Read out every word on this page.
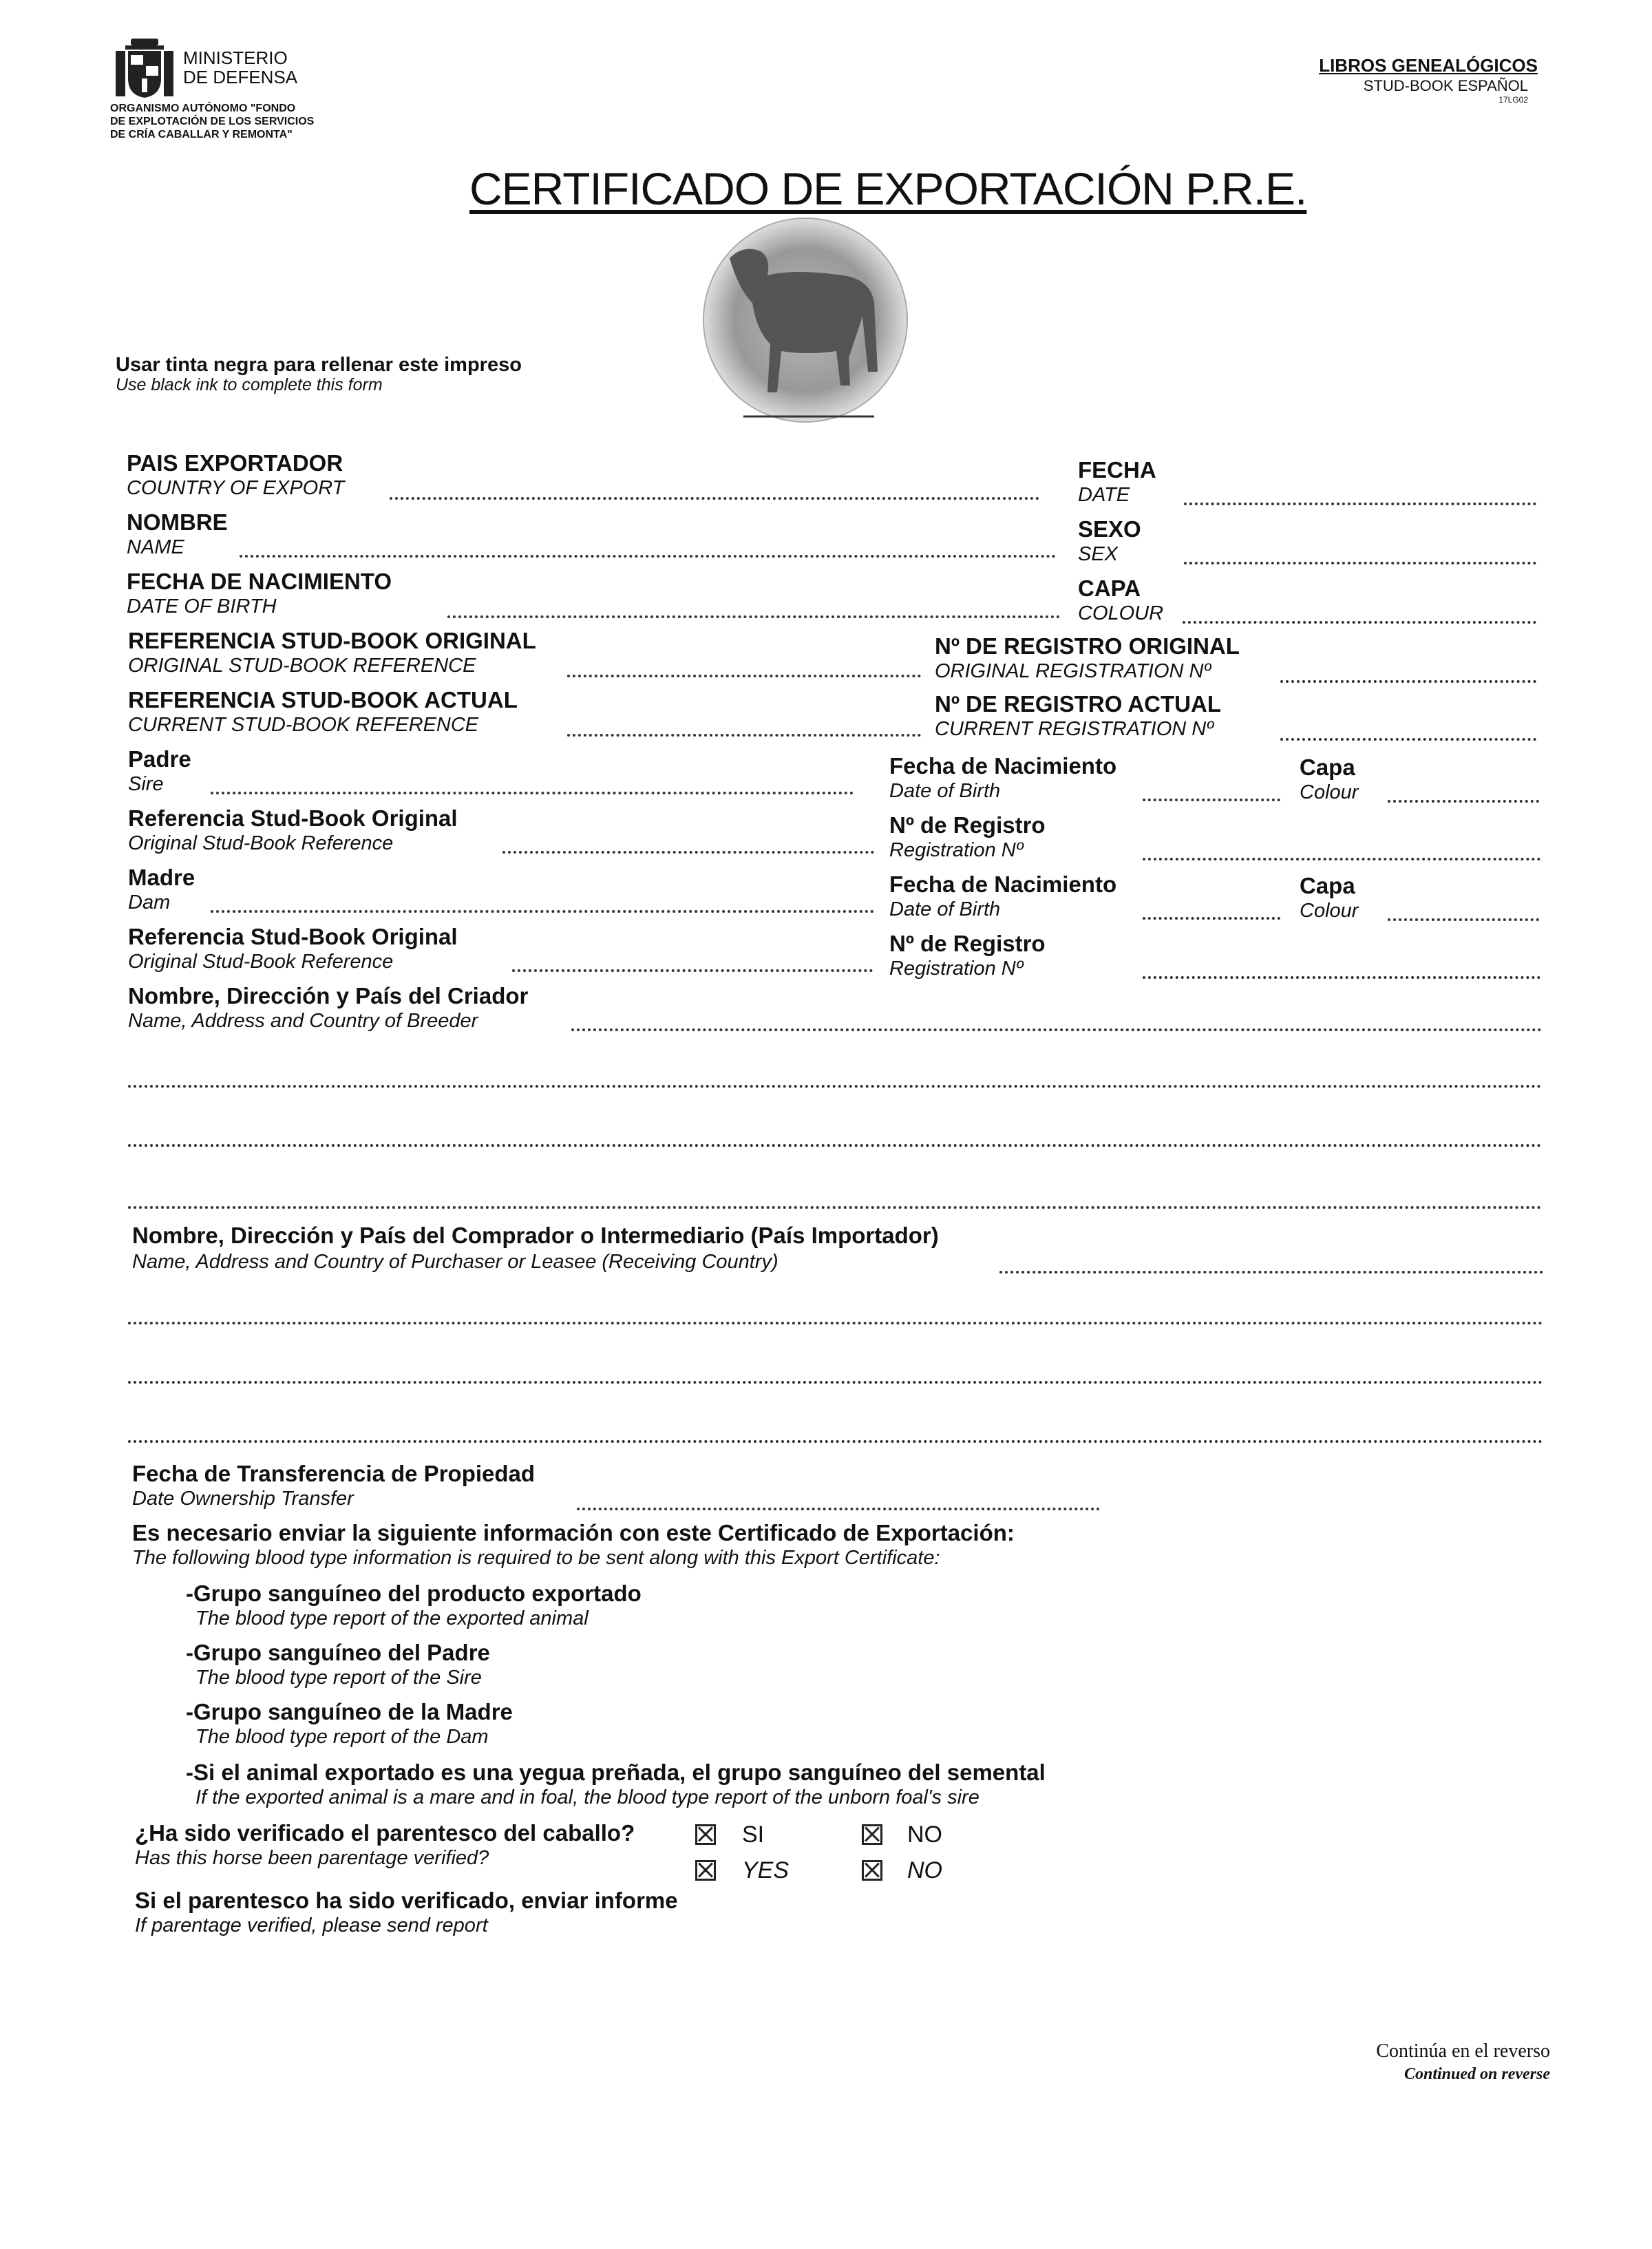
MINISTERIO
DE DEFENSA
ORGANISMO AUTÓNOMO "FONDO
DE EXPLOTACIÓN DE LOS SERVICIOS
DE CRÍA CABALLAR Y REMONTA"
LIBROS GENEALÓGICOS
STUD-BOOK ESPAÑOL
17LG02
CERTIFICADO DE EXPORTACIÓN P.R.E.
Usar tinta negra para rellenar este impreso
Use black ink to complete this form
PAIS EXPORTADOR
COUNTRY OF EXPORT
FECHA
DATE
NOMBRE
NAME
SEXO
SEX
FECHA DE NACIMIENTO
DATE OF BIRTH
CAPA
COLOUR
REFERENCIA STUD-BOOK ORIGINAL
ORIGINAL STUD-BOOK REFERENCE
Nº DE REGISTRO ORIGINAL
ORIGINAL REGISTRATION Nº
REFERENCIA STUD-BOOK ACTUAL
CURRENT STUD-BOOK REFERENCE
Nº DE REGISTRO ACTUAL
CURRENT REGISTRATION Nº
Padre
Sire
Fecha de Nacimiento
Date of Birth
Capa
Colour
Referencia Stud-Book Original
Original Stud-Book Reference
Nº de Registro
Registration Nº
Madre
Dam
Fecha de Nacimiento
Date of Birth
Capa
Colour
Referencia Stud-Book Original
Original Stud-Book Reference
Nº de Registro
Registration Nº
Nombre, Dirección y País del Criador
Name, Address and Country of Breeder
Nombre, Dirección y País del Comprador o Intermediario (País Importador)
Name, Address and Country of Purchaser or Leasee (Receiving Country)
Fecha de Transferencia de Propiedad
Date Ownership Transfer
Es necesario enviar la siguiente información con este Certificado de Exportación:
The following blood type information is required to be sent along with this Export Certificate:
-Grupo sanguíneo del producto exportado
The blood type report of the exported animal
-Grupo sanguíneo del Padre
The blood type report of the Sire
-Grupo sanguíneo de la Madre
The blood type report of the Dam
-Si el animal exportado es una yegua preñada, el grupo sanguíneo del semental
If the exported animal is a mare and in foal, the blood type report of the unborn foal's sire
¿Ha sido verificado el parentesco del caballo?
Has this horse been parentage verified?
SI	NO
YES	NO
Si el parentesco ha sido verificado, enviar informe
If parentage verified, please send report
Continúa en el reverso
Continued on reverse
